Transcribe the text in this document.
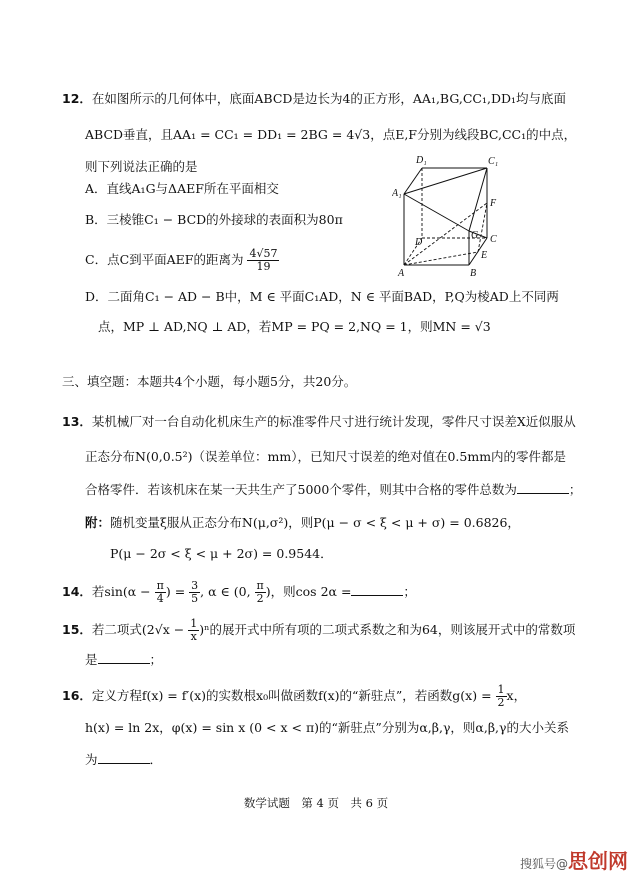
12．在如图所示的几何体中，底面ABCD是边长为4的正方形，AA₁,BG,CC₁,DD₁均与底面
ABCD垂直，且AA₁ = CC₁ = DD₁ = 2BG = 4√3，点E,F分别为线段BC,CC₁的中点，
则下列说法正确的是
A．直线A₁G与ΔAEF所在平面相交
B．三棱锥C₁ − BCD的外接球的表面积为80π
C．点C到平面AEF的距离为 $\frac{4√57}{19}$
D．二面角C₁ − AD − B中，M ∈ 平面C₁AD，N ∈ 平面BAD，P,Q为棱AD上不同两
点，MP ⊥ AD,NQ ⊥ AD，若MP = PQ = 2,NQ = 1，则MN = √3
D₁	C₁
A₁
F
D
G C
E
A	B
三、填空题：本题共4个小题，每小题5分，共20分。
13．某机械厂对一台自动化机床生产的标准零件尺寸进行统计发现，零件尺寸误差X近似服从
正态分布N(0,0.5²)（误差单位：mm），已知尺寸误差的绝对值在0.5mm内的零件都是
合格零件．若该机床在某一天共生产了5000个零件，则其中合格的零件总数为	；
附：随机变量ξ服从正态分布N(μ,σ²)，则P(μ − σ < ξ < μ + σ) = 0.6826，
P(μ − 2σ < ξ < μ + 2σ) = 0.9544．
14．若$\sin(\alpha - \frac{\pi}{4}$ ) = $\frac{3}{5}$ , α ∈ (0, $\frac{\pi}{2}$ )，则cos 2α =	；
15．若二项式$(2√x - \frac{1}{x} )^n$的展开式中所有项的二项式系数之和为64，则该展开式中的常数项
是	；
16．定义方程f(x) = f′(x)的实数根x₀叫做函数f(x)的“新驻点”，若函数$g(x) = \frac{1}{2}$ x，
h(x) = ln 2x，φ(x) = sin x (0 < x < π)的“新驻点”分别为α,β,γ，则α,β,γ的大小关系
为	．
数学试题　第 4 页　共 6 页
搜狐号@思创网
